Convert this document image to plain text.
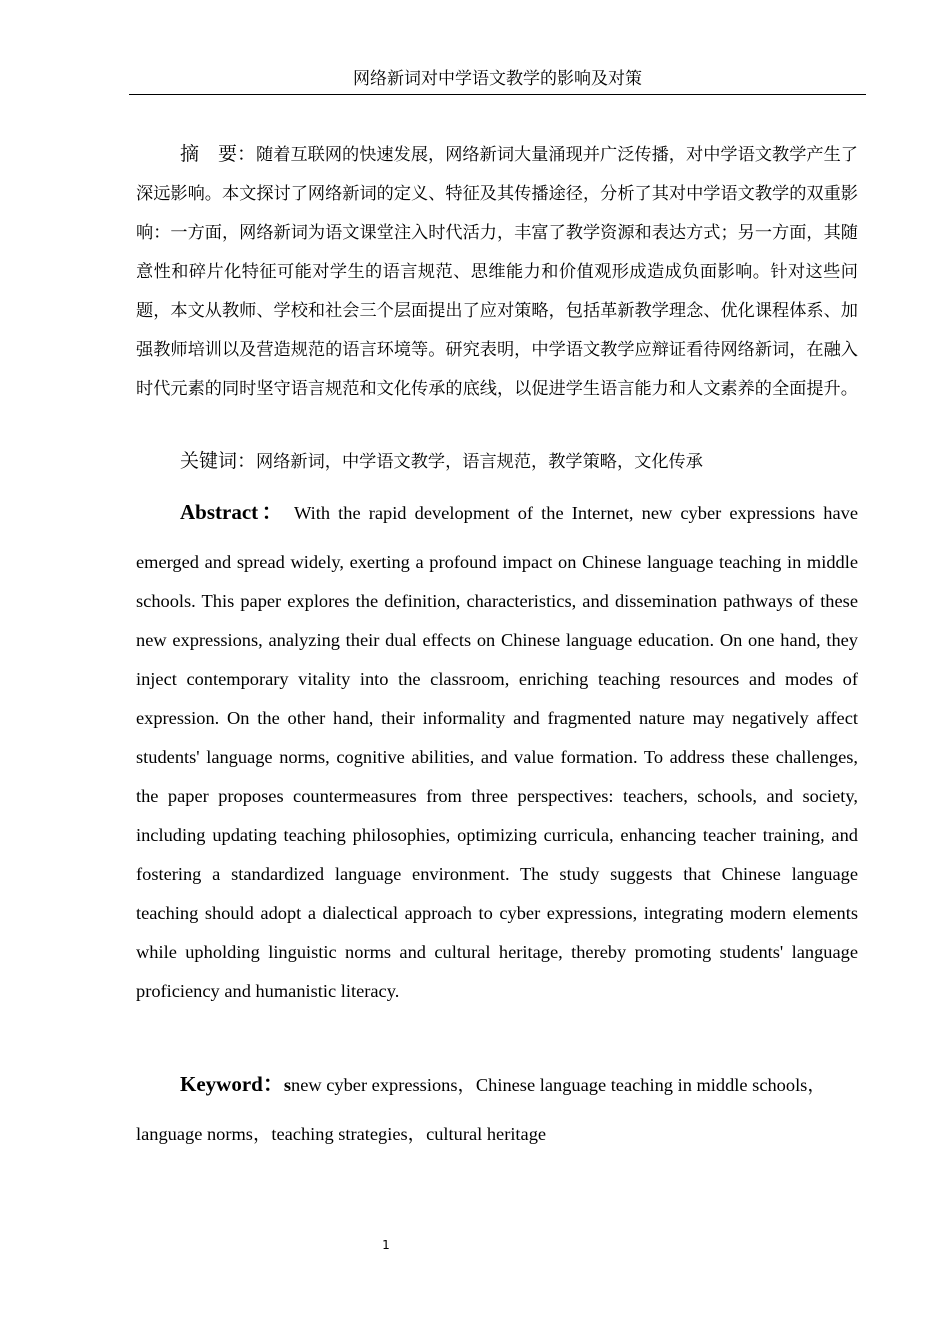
网络新词对中学语文教学的影响及对策

摘　要：随着互联网的快速发展，网络新词大量涌现并广泛传播，对中学语文教学产生了深远影响。本文探讨了网络新词的定义、特征及其传播途径，分析了其对中学语文教学的双重影响：一方面，网络新词为语文课堂注入时代活力，丰富了教学资源和表达方式；另一方面，其随意性和碎片化特征可能对学生的语言规范、思维能力和价值观形成造成负面影响。针对这些问题，本文从教师、学校和社会三个层面提出了应对策略，包括革新教学理念、优化课程体系、加强教师培训以及营造规范的语言环境等。研究表明，中学语文教学应辩证看待网络新词，在融入时代元素的同时坚守语言规范和文化传承的底线，以促进学生语言能力和人文素养的全面提升。

关键词：网络新词，中学语文教学，语言规范，教学策略，文化传承

Abstract： With the rapid development of the Internet, new cyber expressions have emerged and spread widely, exerting a profound impact on Chinese language teaching in middle schools. This paper explores the definition, characteristics, and dissemination pathways of these new expressions, analyzing their dual effects on Chinese language education. On one hand, they inject contemporary vitality into the classroom, enriching teaching resources and modes of expression. On the other hand, their informality and fragmented nature may negatively affect students' language norms, cognitive abilities, and value formation. To address these challenges, the paper proposes countermeasures from three perspectives: teachers, schools, and society, including updating teaching philosophies, optimizing curricula, enhancing teacher training, and fostering a standardized language environment. The study suggests that Chinese language teaching should adopt a dialectical approach to cyber expressions, integrating modern elements while upholding linguistic norms and cultural heritage, thereby promoting students' language proficiency and humanistic literacy.

Keyword：snew cyber expressions，Chinese language teaching in middle schools，language norms，teaching strategies，cultural heritage

1
